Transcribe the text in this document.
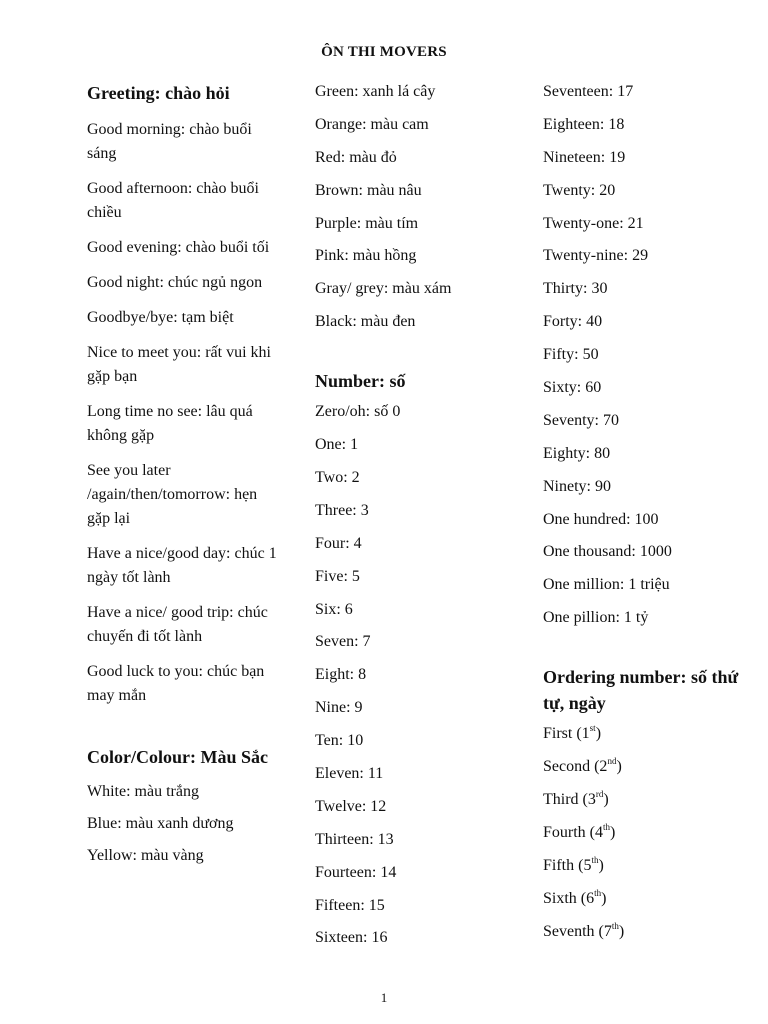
ÔN THI MOVERS
Greeting: chào hỏi
Good morning: chào buổi sáng
Good afternoon: chào buổi chiều
Good evening: chào buổi tối
Good night: chúc ngủ ngon
Goodbye/bye: tạm biệt
Nice to meet you: rất vui khi gặp bạn
Long time no see: lâu quá không gặp
See you later /again/then/tomorrow: hẹn gặp lại
Have a nice/good day: chúc 1 ngày tốt lành
Have a nice/ good trip: chúc chuyến đi tốt lành
Good luck to you: chúc bạn may mắn
Color/Colour: Màu Sắc
White: màu trắng
Blue: màu xanh dương
Yellow: màu vàng
Green: xanh lá cây
Orange: màu cam
Red: màu đỏ
Brown: màu nâu
Purple: màu tím
Pink: màu hồng
Gray/ grey: màu xám
Black: màu đen
Number: số
Zero/oh: số 0
One: 1
Two: 2
Three: 3
Four: 4
Five: 5
Six: 6
Seven: 7
Eight: 8
Nine: 9
Ten: 10
Eleven: 11
Twelve: 12
Thirteen: 13
Fourteen: 14
Fifteen: 15
Sixteen: 16
Seventeen: 17
Eighteen: 18
Nineteen: 19
Twenty: 20
Twenty-one: 21
Twenty-nine: 29
Thirty: 30
Forty: 40
Fifty: 50
Sixty: 60
Seventy: 70
Eighty: 80
Ninety: 90
One hundred: 100
One thousand: 1000
One million: 1 triệu
One pillion: 1 tỷ
Ordering number: số thứ tự, ngày
First (1st)
Second (2nd)
Third (3rd)
Fourth (4th)
Fifth (5th)
Sixth (6th)
Seventh (7th)
1
